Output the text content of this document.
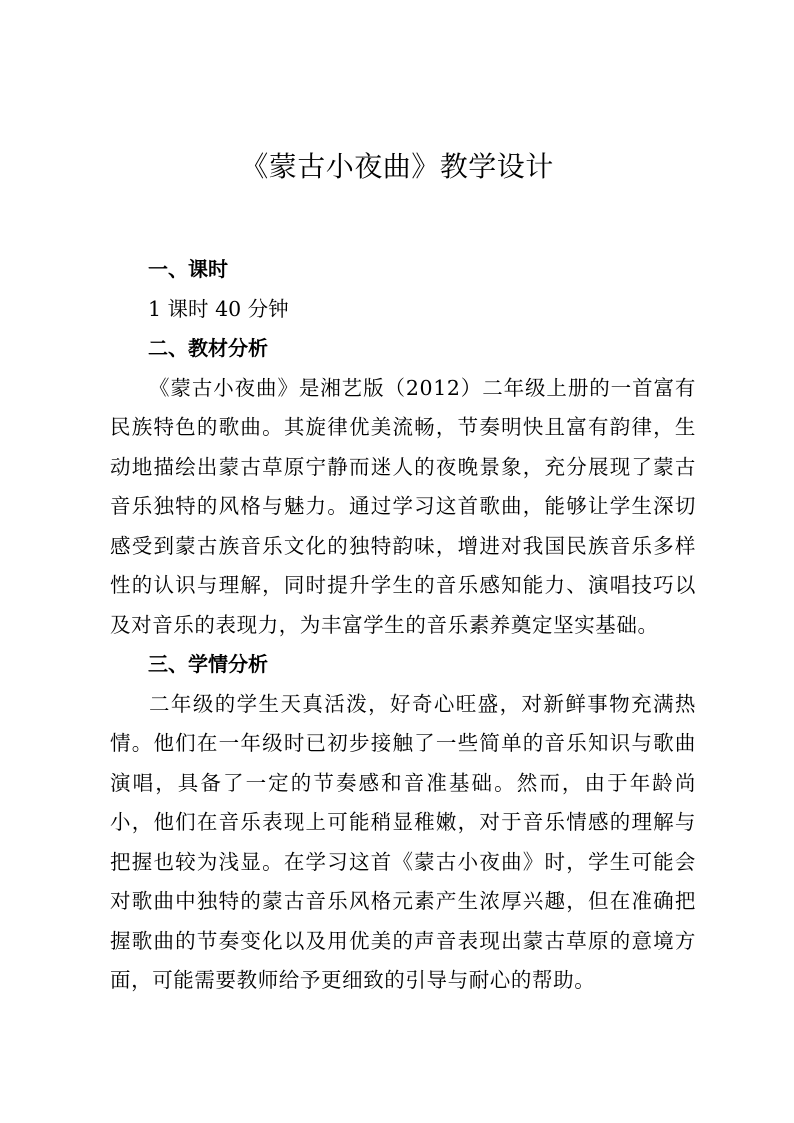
《蒙古小夜曲》教学设计

一、课时

1 课时 40 分钟

二、教材分析

《蒙古小夜曲》是湘艺版（2012）二年级上册的一首富有民族特色的歌曲。其旋律优美流畅，节奏明快且富有韵律，生动地描绘出蒙古草原宁静而迷人的夜晚景象，充分展现了蒙古音乐独特的风格与魅力。通过学习这首歌曲，能够让学生深切感受到蒙古族音乐文化的独特韵味，增进对我国民族音乐多样性的认识与理解，同时提升学生的音乐感知能力、演唱技巧以及对音乐的表现力，为丰富学生的音乐素养奠定坚实基础。

三、学情分析

二年级的学生天真活泼，好奇心旺盛，对新鲜事物充满热情。他们在一年级时已初步接触了一些简单的音乐知识与歌曲演唱，具备了一定的节奏感和音准基础。然而，由于年龄尚小，他们在音乐表现上可能稍显稚嫩，对于音乐情感的理解与把握也较为浅显。在学习这首《蒙古小夜曲》时，学生可能会对歌曲中独特的蒙古音乐风格元素产生浓厚兴趣，但在准确把握歌曲的节奏变化以及用优美的声音表现出蒙古草原的意境方面，可能需要教师给予更细致的引导与耐心的帮助。
